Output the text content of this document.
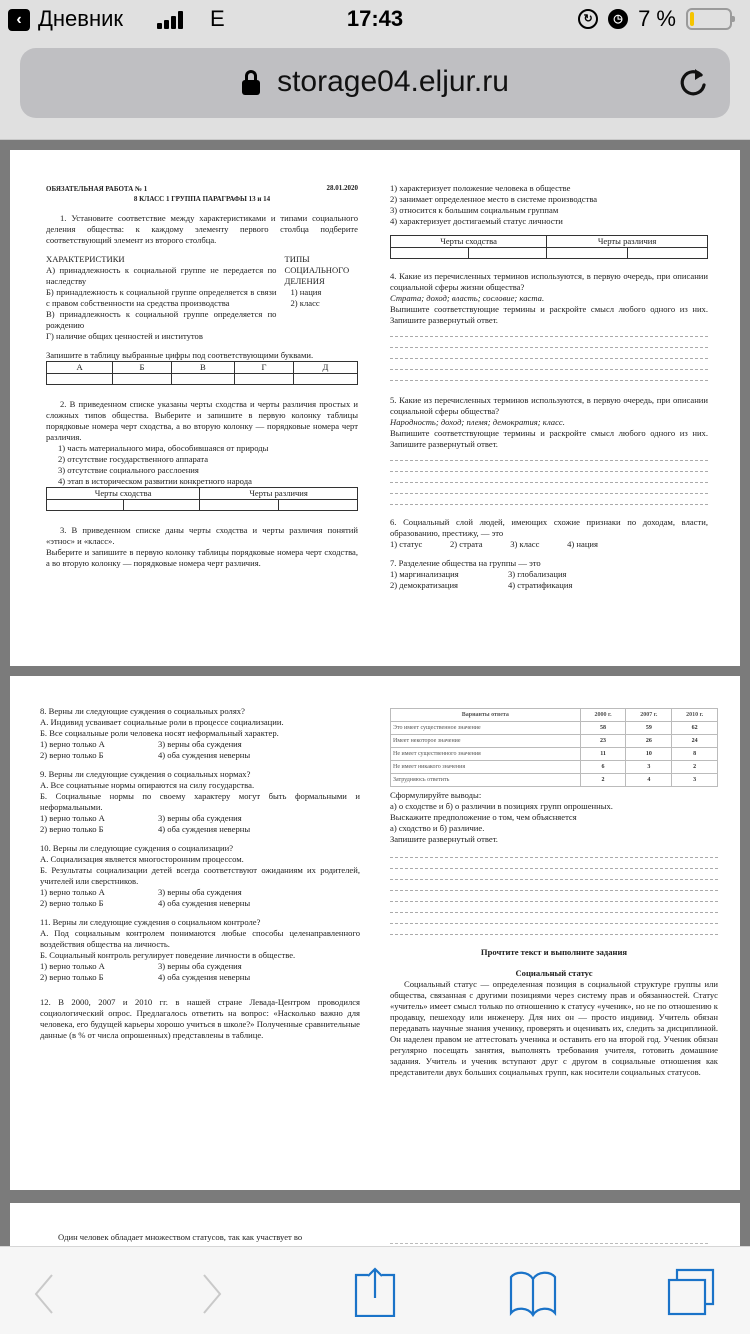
‹ Дневник	E	17:43	↻	◷ 7 %
storage04.eljur.ru
ОБЯЗАТЕЛЬНАЯ РАБОТА № 1	28.01.2020

8 КЛАСС 1 ГРУППА ПАРАГРАФЫ 13 и 14

1. Установите соответствие между характеристиками и типами социального деления общества: к каждому элементу первого столбца подберите соответствующий элемент из второго столбца.

ХАРАКТЕРИСТИКИ

А) принадлежность к социальной группе не передается по наследству

Б) принадлежность к социальной группе определяется в связи с правом собственности на средства производства

В) принадлежность к социальной группе определяется по рождению

Г) наличие общих ценностей и институтов

ТИПЫ СОЦИАЛЬНОГО ДЕЛЕНИЯ

1) нация

2) класс

Запишите в таблицу выбранные цифры под соответствующими буквами.

А	Б	В	Г	Д

2. В приведенном списке указаны черты сходства и черты различия простых и сложных типов общества. Выберите и запишите в первую колонку таблицы порядковые номера черт сходства, а во вторую колонку — порядковые номера черт различия.

1) часть материального мира, обособившаяся от природы

2) отсутствие государственного аппарата

3) отсутствие социального расслоения

4) этап в историческом развитии конкретного народа

Черты сходства		Черты различия	

3. В приведенном списке даны черты сходства и черты различия понятий «этнос» и «класс».

Выберите и запишите в первую колонку таблицы порядковые номера черт сходства, а во вторую колонку — порядковые номера черт различия.

1) характеризует положение человека в обществе

2) занимает определенное место в системе производства

3) относится к большим социальным группам

4) характеризует достигаемый статус личности

Черты сходства		Черты различия	

4. Какие из перечисленных терминов используются, в первую очередь, при описании социальной сферы жизни общества?

Страта; доход; власть; сословие; каста.

Выпишите соответствующие термины и раскройте смысл любого одного из них. Запишите развернутый ответ.

5. Какие из перечисленных терминов используются, в первую очередь, при описании социальной сферы общества?

Народность; доход; племя; демократия; класс.

Выпишите соответствующие термины и раскройте смысл любого одного из них. Запишите развернутый ответ.

6. Социальный слой людей, имеющих схожие признаки по доходам, власти, образованию, престижу, — это

1) статус	2) страта	3) класс	4) нация

7. Разделение общества на группы — это

1) маргинализация	3) глобализация
2) демократизация	4) стратификация

8. Верны ли следующие суждения о социальных ролях?

А. Индивид усваивает социальные роли в процессе социализации.

Б. Все социальные роли человека носят неформальный характер.

1) верно только А	3) верны оба суждения
2) верно только Б	4) оба суждения неверны

9. Верны ли следующие суждения о социальных нормах?

А. Все социатьные нормы опираются на силу государства.

Б. Социальные нормы по своему характеру могут быть формальными и неформальными.

1) верно только А	3) верны оба суждения
2) верно только Б	4) оба суждения неверны

10. Верны ли следующие суждения о социализации?

А. Социализация является многосторонним процессом.

Б. Результаты социализации детей всегда соответствуют ожиданиям их родителей, учителей или сверстников.

1) верно только А	3) верны оба суждения
2) верно только Б	4) оба суждения неверны

11. Верны ли следующие суждения о социальном контроле?

А. Под социальным контролем понимаются любые способы целенаправленного воздействия общества на личность.

Б. Социальный контроль регулирует поведение личности в обществе.

1) верно только А	3) верны оба суждения
2) верно только Б	4) оба суждения неверны

12. В 2000, 2007 и 2010 гг. в нашей стране Левада-Центром проводился социологический опрос. Предлагалось ответить на вопрос: «Насколько важно для человека, его будущей карьеры хорошо учиться в школе?» Полученные сравнительные данные (в % от числа опрошенных) представлены в таблице.

Варианты ответа	2000 г.	2007 г.	2010 г.
Это имеет существенное значение	58	59	62
Имеет некоторое значение	23	26	24
Не имеет существенного значения	11	10	8
Не имеет никакого значения	6	3	2
Затрудняюсь ответить	2	4	3

Сформулируйте выводы:

а) о сходстве и б) о различии в позициях групп опрошенных.

Выскажите предположение о том, чем объясняется

а) сходство и б) различие.

Запишите развернутый ответ.

Прочтите текст и выполните задания

Социальный статус

Социальный статус — определенная позиция в социальной структуре группы или общества, связанная с другими позициями через систему прав и обязанностей. Статус «учитель» имеет смысл только по отношению к статусу «ученик», но не по отношению к продавцу, пешеходу или инженеру. Для них он — просто индивид. Учитель обязан передавать научные знания ученику, проверять и оценивать их, следить за дисциплиной. Он наделен правом не аттестовать ученика и оставить его на второй год. Ученик обязан регулярно посещать занятия, выполнять требования учителя, готовить домашние задания. Учитель и ученик вступают друг с другом в социальные отношения как представители двух больших социальных групп, как носители социальных статусов.

Один человек обладает множеством статусов, так как участвует во
